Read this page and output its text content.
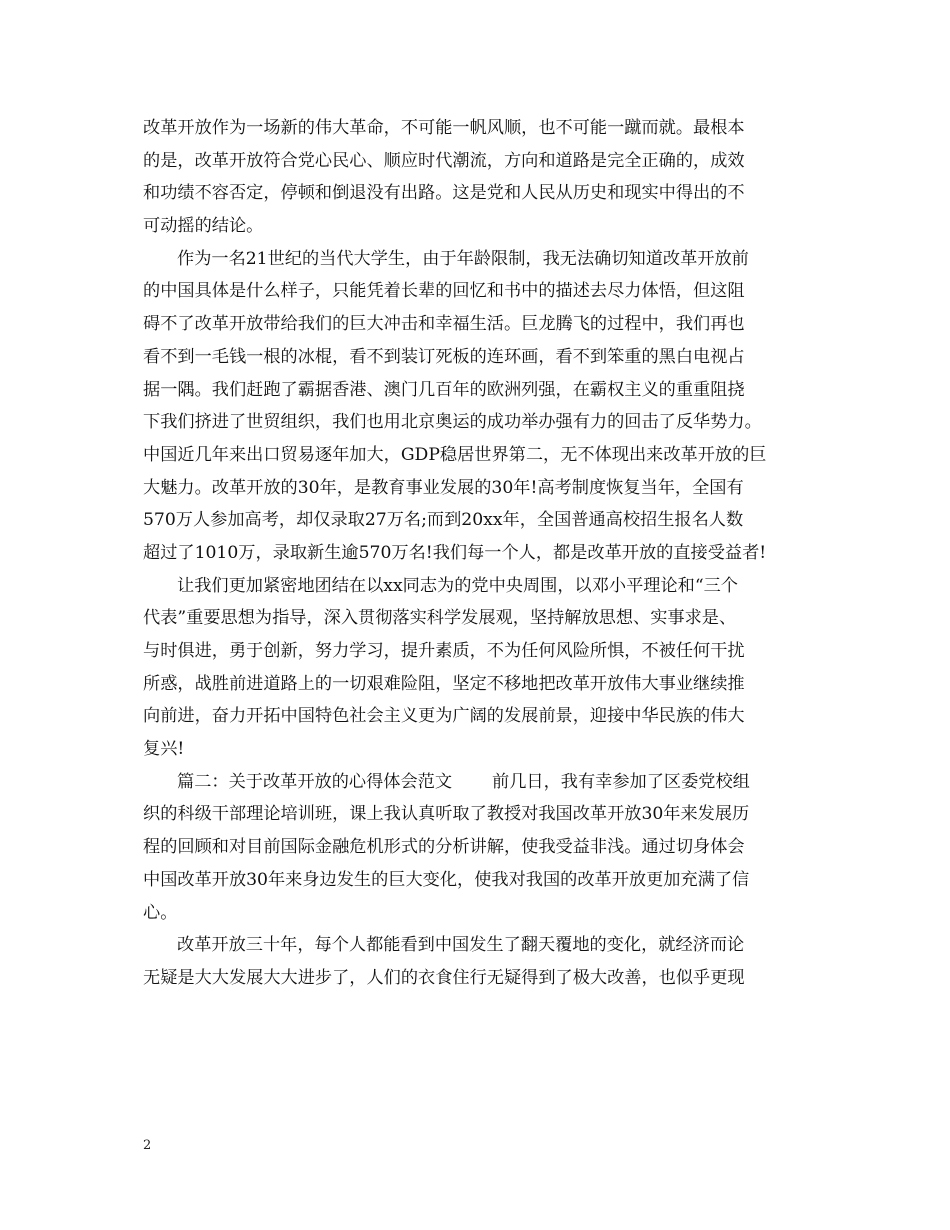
改革开放作为一场新的伟大革命，不可能一帆风顺，也不可能一蹴而就。最根本
的是，改革开放符合党心民心、顺应时代潮流，方向和道路是完全正确的，成效
和功绩不容否定，停顿和倒退没有出路。这是党和人民从历史和现实中得出的不
可动摇的结论。
作为一名21世纪的当代大学生，由于年龄限制，我无法确切知道改革开放前
的中国具体是什么样子，只能凭着长辈的回忆和书中的描述去尽力体悟，但这阻
碍不了改革开放带给我们的巨大冲击和幸福生活。巨龙腾飞的过程中，我们再也
看不到一毛钱一根的冰棍，看不到装订死板的连环画，看不到笨重的黑白电视占
据一隅。我们赶跑了霸据香港、澳门几百年的欧洲列强，在霸权主义的重重阻挠
下我们挤进了世贸组织，我们也用北京奥运的成功举办强有力的回击了反华势力。
中国近几年来出口贸易逐年加大，GDP稳居世界第二，无不体现出来改革开放的巨
大魅力。改革开放的30年，是教育事业发展的30年!高考制度恢复当年，全国有
570万人参加高考，却仅录取27万名;而到20xx年，全国普通高校招生报名人数
超过了1010万，录取新生逾570万名!我们每一个人，都是改革开放的直接受益者!
让我们更加紧密地团结在以xx同志为的党中央周围，以邓小平理论和“三个
代表”重要思想为指导，深入贯彻落实科学发展观，坚持解放思想、实事求是、
与时俱进，勇于创新，努力学习，提升素质，不为任何风险所惧，不被任何干扰
所惑，战胜前进道路上的一切艰难险阻，坚定不移地把改革开放伟大事业继续推
向前进，奋力开拓中国特色社会主义更为广阔的发展前景，迎接中华民族的伟大
复兴!
篇二：关于改革开放的心得体会范文 前几日，我有幸参加了区委党校组
织的科级干部理论培训班，课上我认真听取了教授对我国改革开放30年来发展历
程的回顾和对目前国际金融危机形式的分析讲解，使我受益非浅。通过切身体会
中国改革开放30年来身边发生的巨大变化，使我对我国的改革开放更加充满了信
心。
改革开放三十年，每个人都能看到中国发生了翻天覆地的变化，就经济而论
无疑是大大发展大大进步了，人们的衣食住行无疑得到了极大改善，也似乎更现
2
